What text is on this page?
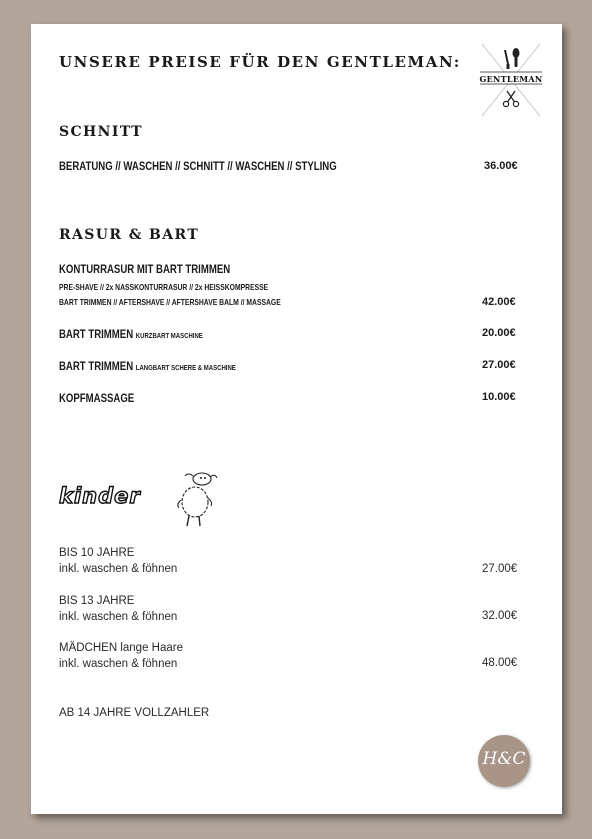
UNSERE PREISE FÜR DEN GENTLEMAN:
GENTLEMAN
SCHNITT
BERATUNG // WASCHEN // SCHNITT // WASCHEN // STYLING	36.00€
RASUR & BART
KONTURRASUR MIT BART TRIMMEN
PRE-SHAVE // 2x NASSKONTURRASUR // 2x HEISSKOMPRESSE
BART TRIMMEN // AFTERSHAVE // AFTERSHAVE BALM // MASSAGE	42.00€
BART TRIMMEN KURZBART MASCHINE	20.00€
BART TRIMMEN LANGBART SCHERE & MASCHINE	27.00€
KOPFMASSAGE	10.00€
kinder
BIS 10 JAHRE
inkl. waschen & föhnen	27.00€
BIS 13 JAHRE
inkl. waschen & föhnen	32.00€
MÄDCHEN lange Haare
inkl. waschen & föhnen	48.00€
AB 14 JAHRE VOLLZAHLER
H&C
